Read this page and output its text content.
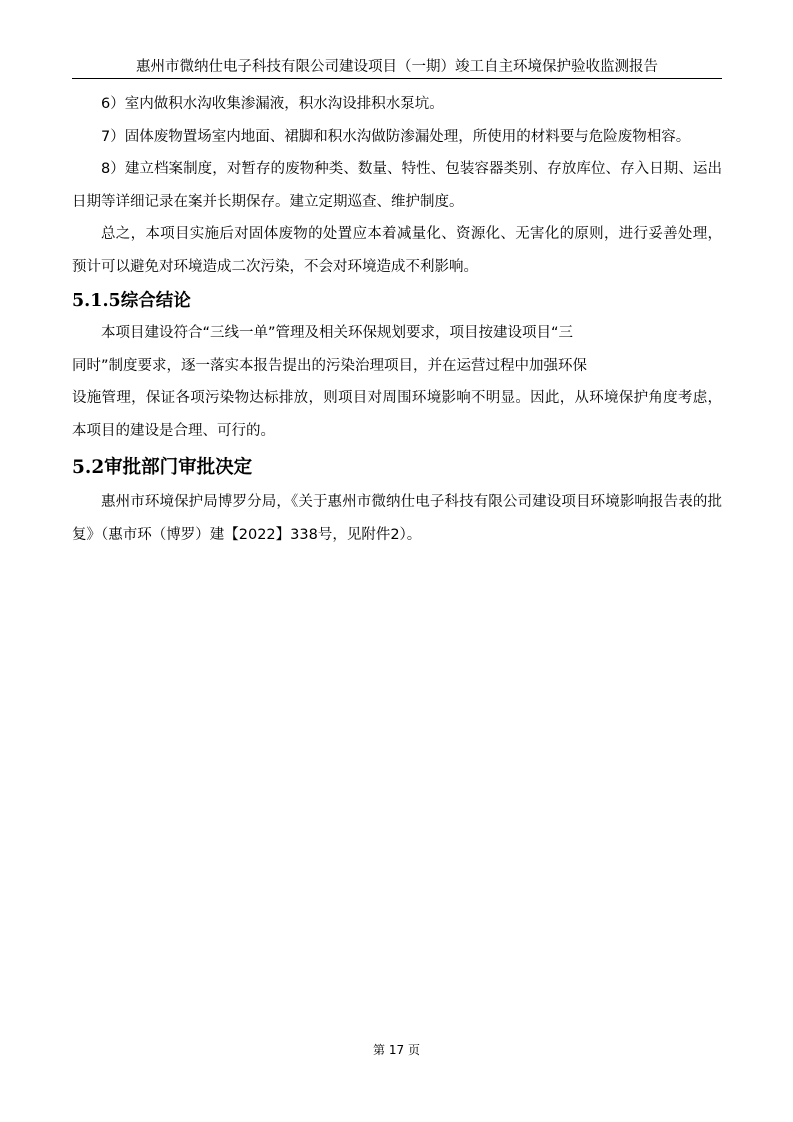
惠州市微纳仕电子科技有限公司建设项目（一期）竣工自主环境保护验收监测报告

6）室内做积水沟收集渗漏液，积水沟设排积水泵坑。

7）固体废物置场室内地面、裙脚和积水沟做防渗漏处理，所使用的材料要与危险废物相容。

8）建立档案制度，对暂存的废物种类、数量、特性、包装容器类别、存放库位、存入日期、运出日期等详细记录在案并长期保存。建立定期巡查、维护制度。

总之，本项目实施后对固体废物的处置应本着减量化、资源化、无害化的原则，进行妥善处理，预计可以避免对环境造成二次污染，不会对环境造成不利影响。

5.1.5综合结论

本项目建设符合“三线一单”管理及相关环保规划要求，项目按建设项目“三

同时”制度要求，逐一落实本报告提出的污染治理项目，并在运营过程中加强环保

设施管理，保证各项污染物达标排放，则项目对周围环境影响不明显。因此，从环境保护角度考虑，本项目的建设是合理、可行的。

5.2审批部门审批决定

惠州市环境保护局博罗分局，《关于惠州市微纳仕电子科技有限公司建设项目环境影响报告表的批复》（惠市环（博罗）建【2022】338号，见附件2）。

第 17 页
